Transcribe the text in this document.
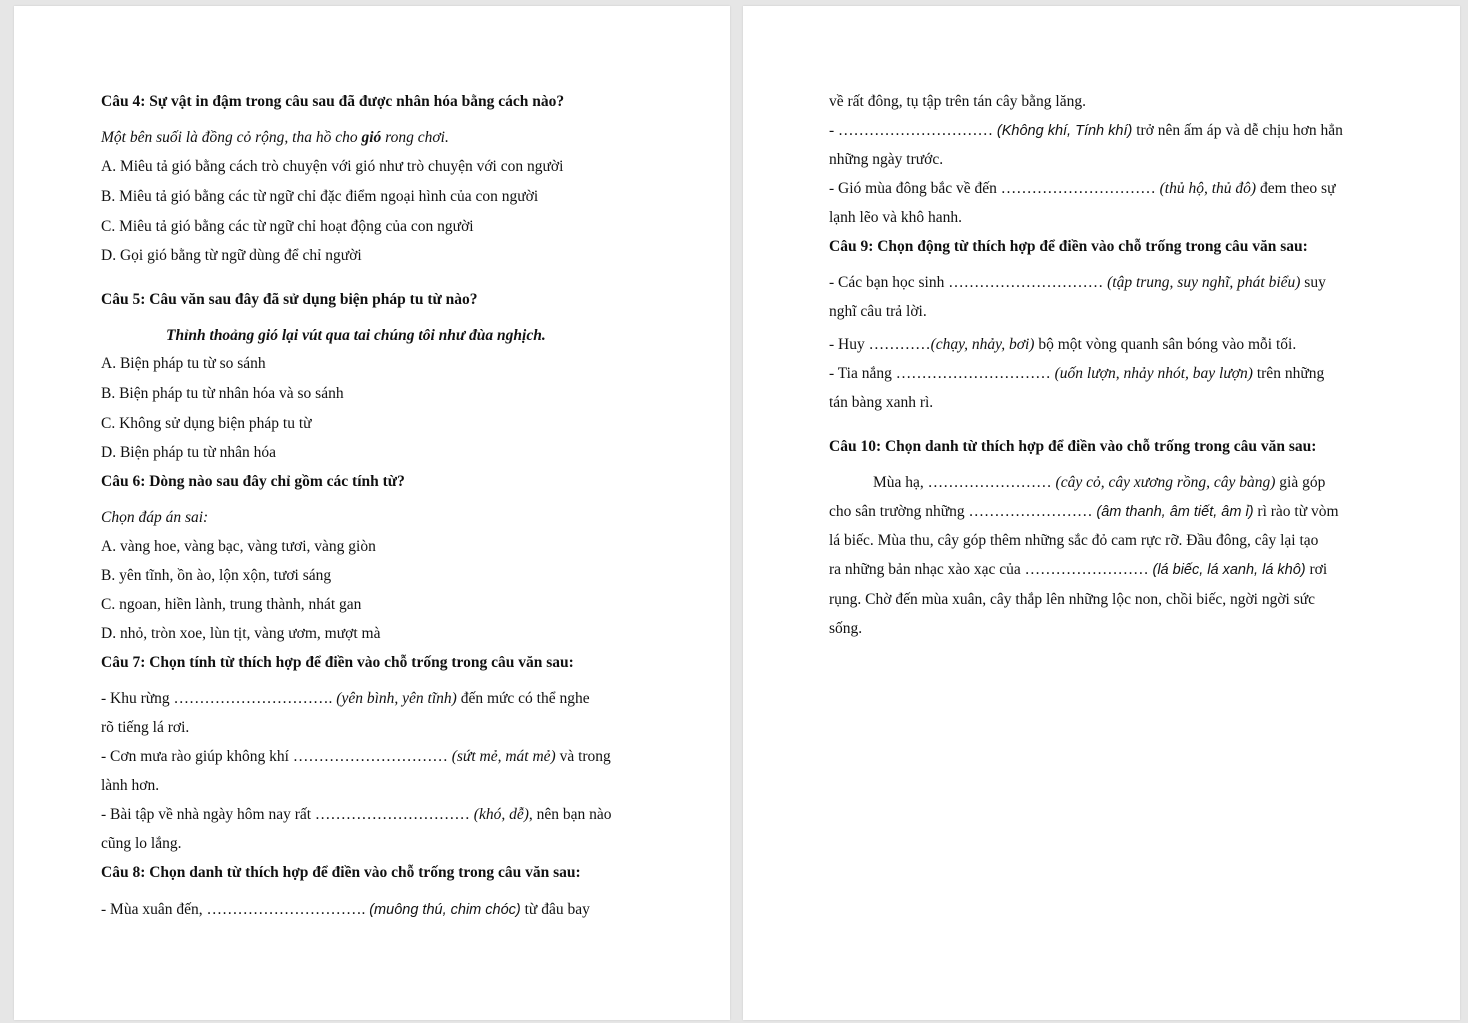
Câu 4: Sự vật in đậm trong câu sau đã được nhân hóa bằng cách nào?
Một bên suối là đồng cỏ rộng, tha hồ cho gió rong chơi.
A. Miêu tả gió bằng cách trò chuyện với gió như trò chuyện với con người
B. Miêu tả gió bằng các từ ngữ chỉ đặc điểm ngoại hình của con người
C. Miêu tả gió bằng các từ ngữ chỉ hoạt động của con người
D. Gọi gió bằng từ ngữ dùng để chỉ người
Câu 5: Câu văn sau đây đã sử dụng biện pháp tu từ nào?
Thỉnh thoảng gió lại vút qua tai chúng tôi như đùa nghịch.
A. Biện pháp tu từ so sánh
B. Biện pháp tu từ nhân hóa và so sánh
C. Không sử dụng biện pháp tu từ
D. Biện pháp tu từ nhân hóa
Câu 6: Dòng nào sau đây chỉ gồm các tính từ?
Chọn đáp án sai:
A. vàng hoe, vàng bạc, vàng tươi, vàng giòn
B. yên tĩnh, ồn ào, lộn xộn, tươi sáng
C. ngoan, hiền lành, trung thành, nhát gan
D. nhỏ, tròn xoe, lùn tịt, vàng ươm, mượt mà
Câu 7: Chọn tính từ thích hợp để điền vào chỗ trống trong câu văn sau:
- Khu rừng …………………………. (yên bình, yên tĩnh) đến mức có thể nghe
rõ tiếng lá rơi.
- Cơn mưa rào giúp không khí ………………………… (sứt mẻ, mát mẻ) và trong
lành hơn.
- Bài tập về nhà ngày hôm nay rất ………………………… (khó, dễ), nên bạn nào
cũng lo lắng.
Câu 8: Chọn danh từ thích hợp để điền vào chỗ trống trong câu văn sau:
- Mùa xuân đến, …………………………. (muông thú, chim chóc) từ đâu bay
về rất đông, tụ tập trên tán cây bằng lăng.
- ………………………… (Không khí, Tính khí) trở nên ấm áp và dễ chịu hơn hẳn
những ngày trước.
- Gió mùa đông bắc về đến ………………………… (thủ hộ, thủ đô) đem theo sự
lạnh lẽo và khô hanh.
Câu 9: Chọn động từ thích hợp để điền vào chỗ trống trong câu văn sau:
- Các bạn học sinh ………………………… (tập trung, suy nghĩ, phát biểu) suy
nghĩ câu trả lời.
- Huy …………(chạy, nhảy, bơi) bộ một vòng quanh sân bóng vào mỗi tối.
- Tia nắng ………………………… (uốn lượn, nhảy nhót, bay lượn) trên những
tán bàng xanh rì.
Câu 10: Chọn danh từ thích hợp để điền vào chỗ trống trong câu văn sau:
Mùa hạ, …………………… (cây cỏ, cây xương rồng, cây bàng) già góp
cho sân trường những …………………… (âm thanh, âm tiết, âm ỉ) rì rào từ vòm
lá biếc. Mùa thu, cây góp thêm những sắc đỏ cam rực rỡ. Đầu đông, cây lại tạo
ra những bản nhạc xào xạc của …………………… (lá biếc, lá xanh, lá khô) rơi
rụng. Chờ đến mùa xuân, cây thắp lên những lộc non, chồi biếc, ngời ngời sức
sống.
